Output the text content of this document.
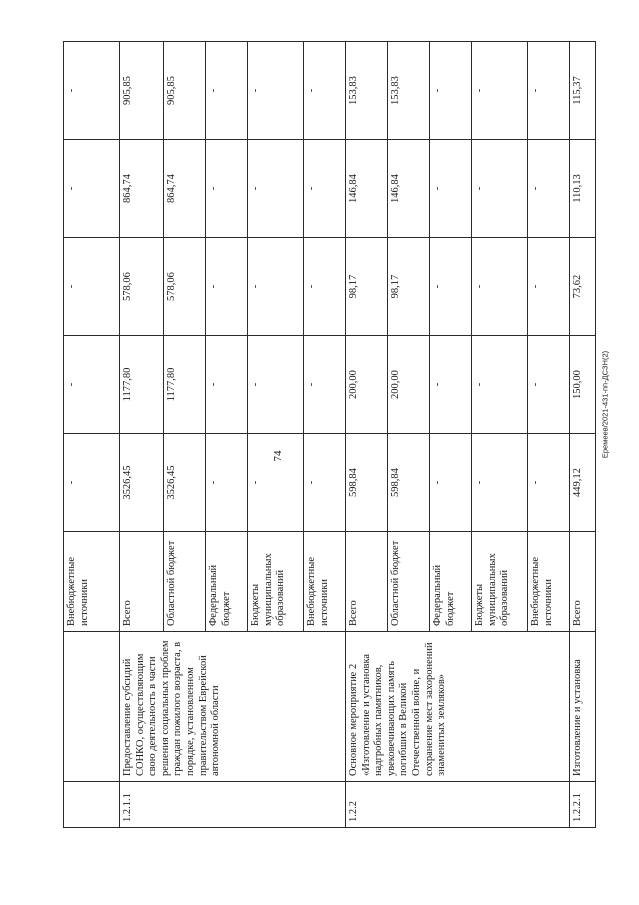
74	Еремеев/2021-431-пп-ДСЗН(2)
		Внебюджетные источники	-	-	-	-	-	
1.2.1.1	Предоставление субсидий СОНКО, осуществляющим свою деятельность в части решения социальных проблем граждан пожилого возраста, в порядке, установленном правительством Еврейской автономной области	Всего	3526,45	1177,80	578,06	864,74	905,85	
		Областной бюджет	3526,45	1177,80	578,06	864,74	905,85	
		Федеральный бюджет	-	-	-	-	-	
		Бюджеты муниципальных образований	-	-	-	-	-	
		Внебюджетные источники	-	-	-	-	-	
1.2.2	Основное мероприятие 2 «Изготовление и установка надгробных памятников, увековечивающих память погибших в Великой Отечественной войне, и сохранение мест захоронений знаменитых земляков»	Всего	598,84	200,00	98,17	146,84	153,83	
		Областной бюджет	598,84	200,00	98,17	146,84	153,83	
		Федеральный бюджет	-	-	-	-	-	
		Бюджеты муниципальных образований	-	-	-	-	-	
		Внебюджетные источники	-	-	-	-	-	
1.2.2.1	Изготовление и установка	Всего	449,12	150,00	73,62	110,13	115,37	
